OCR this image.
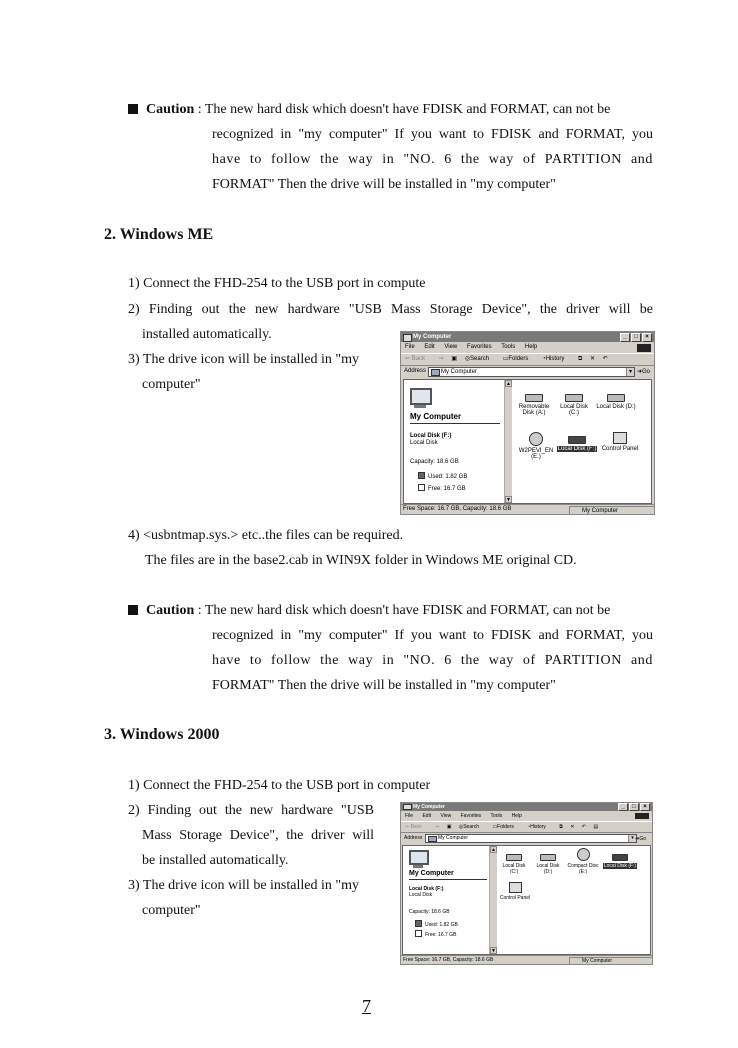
Caution : The new hard disk which doesn't have FDISK and FORMAT, can not be
recognized in "my computer" If you want to FDISK and FORMAT, you
have to follow the way in "NO. 6 the way of PARTITION and
FORMAT" Then the drive will be installed in "my computer"
2. Windows ME
1) Connect the FHD-254 to the USB port in compute
2) Finding out the new hardware "USB Mass Storage Device", the driver will be
installed automatically.
3) The drive icon will be installed in "my
computer"
My Computer	_	□	×
File Edit View Favorites Tools Help
⇐ Back ⇒ ▣ ◎Search ▭Folders ◔History ⧉ ✕ ↶
Address	My Computer	▾ ➜Go
My Computer
Local Disk (F:)
Local Disk
Capacity: 18.6 GB
Used: 1.82 GB
Free: 16.7 GB
▲
▼
Removable Disk (A:)
Local Disk (C:)
Local Disk (D:)
W2PEVI_EN (E:)
Local Disk (F:) Control Panel
Free Space: 16.7 GB, Capacity: 18.6 GB	My Computer
4) <usbntmap.sys.> etc..the files can be required.
The files are in the base2.cab in WIN9X folder in Windows ME original CD.
Caution : The new hard disk which doesn't have FDISK and FORMAT, can not be
recognized in "my computer" If you want to FDISK and FORMAT, you
have to follow the way in "NO. 6 the way of PARTITION and
FORMAT" Then the drive will be installed in "my computer"
3. Windows 2000
1) Connect the FHD-254 to the USB port in computer
2) Finding out the new hardware "USB
Mass Storage Device", the driver will
be installed automatically.
3) The drive icon will be installed in "my
computer"
My Computer	_	□	×
File Edit View Favorites Tools Help
⇐ Back	⇒ ▣ ◎Search	▭Folders	◔History	⧉ ✕ ↶ ▤
Address	My Computer	▾ ➜Go
My Computer
Local Disk (F:)
Local Disk
Capacity: 18.6 GB
Used: 1.82 GB
Free: 16.7 GB
▲
▼
Local Disk (C:)
Local Disk (D:)
Compact Disc (E:)
Local Disk (F:)
Control Panel
Free Space: 16.7 GB, Capacity: 18.6 GB	My Computer
7
